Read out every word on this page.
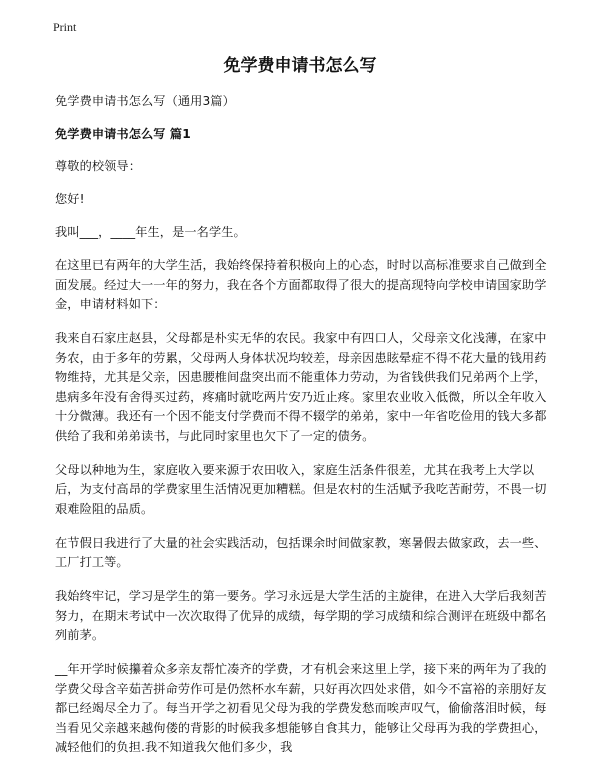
Print
免学费申请书怎么写

免学费申请书怎么写（通用3篇）

免学费申请书怎么写 篇1

尊敬的校领导：

您好!

我叫___，____年生，是一名学生。

在这里已有两年的大学生活，我始终保持着积极向上的心态，时时以高标准要求自己做到全面发展。经过大一一年的努力，我在各个方面都取得了很大的提高现特向学校申请国家助学金，申请材料如下：

我来自石家庄赵县，父母都是朴实无华的农民。我家中有四口人，父母亲文化浅薄，在家中务农，由于多年的劳累，父母两人身体状况均较差，母亲因患眩晕症不得不花大量的钱用药物维持，尤其是父亲，因患腰椎间盘突出而不能重体力劳动，为省钱供我们兄弟两个上学，患病多年没有舍得买过药，疼痛时就吃两片安乃近止疼。家里农业收入低微，所以全年收入十分微薄。我还有一个因不能支付学费而不得不辍学的弟弟，家中一年省吃俭用的钱大多都供给了我和弟弟读书，与此同时家里也欠下了一定的债务。

父母以种地为生，家庭收入要来源于农田收入，家庭生活条件很差，尤其在我考上大学以后，为支付高昂的学费家里生活情况更加糟糕。但是农村的生活赋予我吃苦耐劳，不畏一切艰难险阻的品质。

在节假日我进行了大量的社会实践活动，包括课余时间做家教，寒暑假去做家政，去一些、工厂打工等。

我始终牢记，学习是学生的第一要务。学习永远是大学生活的主旋律，在进入大学后我刻苦努力，在期末考试中一次次取得了优异的成绩，每学期的学习成绩和综合测评在班级中都名列前茅。

__年开学时候攥着众多亲友帮忙凑齐的学费，才有机会来这里上学，接下来的两年为了我的学费父母含辛茹苦拼命劳作可是仍然杯水车薪，只好再次四处求借，如今不富裕的亲朋好友都已经竭尽全力了。每当开学之初看见父母为我的学费发愁而唉声叹气，偷偷落泪时候，每当看见父亲越来越佝偻的背影的时候我多想能够自食其力，能够让父母再为我的学费担心，减轻他们的负担.我不知道我欠他们多少，我
